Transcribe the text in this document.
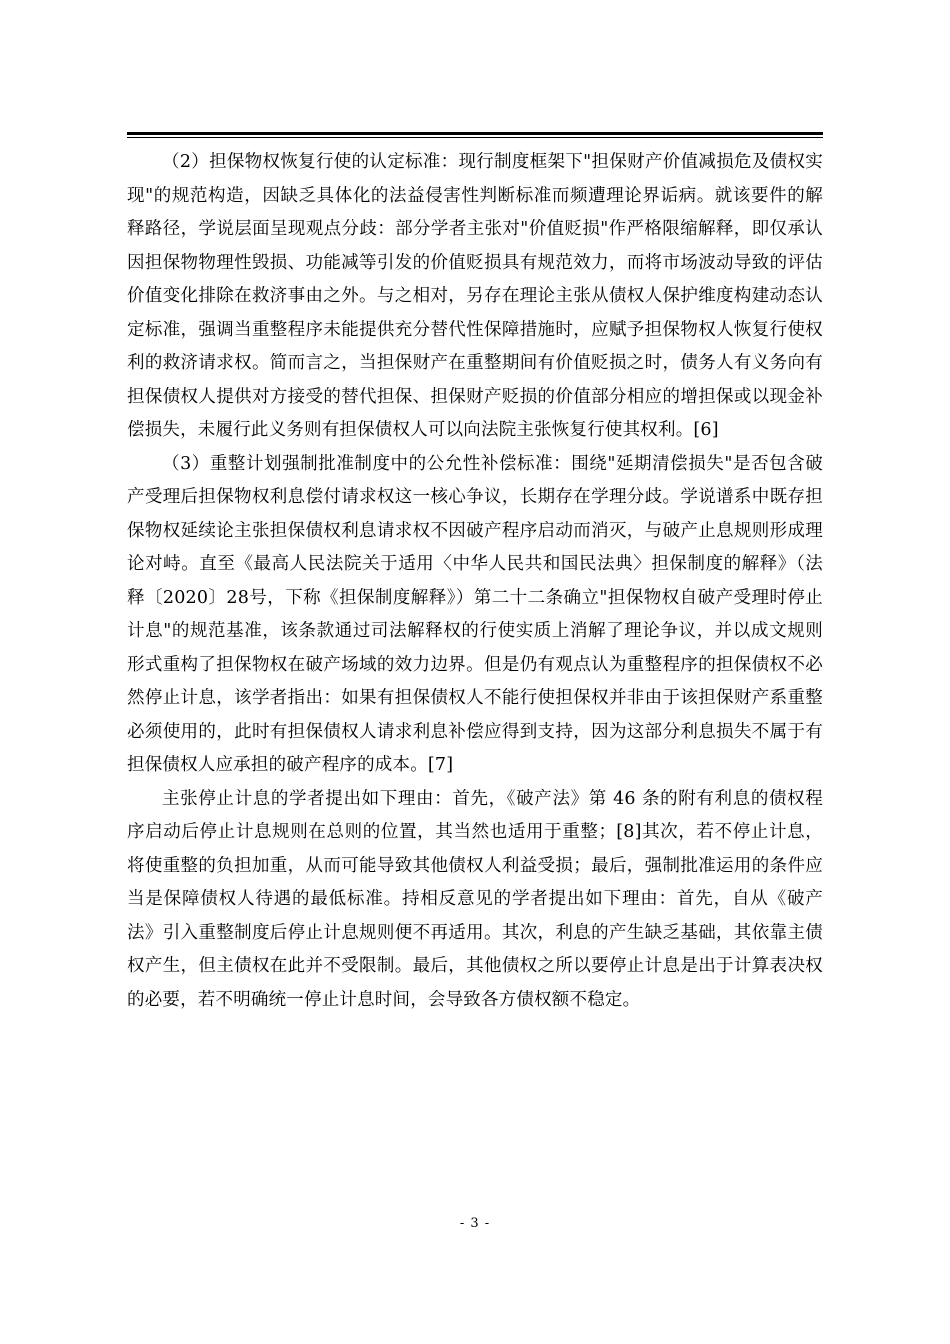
（2）担保物权恢复行使的认定标准：现行制度框架下"担保财产价值减损危及债权实现"的规范构造，因缺乏具体化的法益侵害性判断标准而频遭理论界诟病。就该要件的解释路径，学说层面呈现观点分歧：部分学者主张对"价值贬损"作严格限缩解释，即仅承认因担保物物理性毁损、功能减等引发的价值贬损具有规范效力，而将市场波动导致的评估价值变化排除在救济事由之外。与之相对，另存在理论主张从债权人保护维度构建动态认定标准，强调当重整程序未能提供充分替代性保障措施时，应赋予担保物权人恢复行使权利的救济请求权。简而言之，当担保财产在重整期间有价值贬损之时，债务人有义务向有担保债权人提供对方接受的替代担保、担保财产贬损的价值部分相应的增担保或以现金补偿损失，未履行此义务则有担保债权人可以向法院主张恢复行使其权利。[6]

（3）重整计划强制批准制度中的公允性补偿标准：围绕"延期清偿损失"是否包含破产受理后担保物权利息偿付请求权这一核心争议，长期存在学理分歧。学说谱系中既存担保物权延续论主张担保债权利息请求权不因破产程序启动而消灭，与破产止息规则形成理论对峙。直至《最高人民法院关于适用〈中华人民共和国民法典〉担保制度的解释》（法释〔2020〕28号，下称《担保制度解释》）第二十二条确立"担保物权自破产受理时停止计息"的规范基准，该条款通过司法解释权的行使实质上消解了理论争议，并以成文规则形式重构了担保物权在破产场域的效力边界。但是仍有观点认为重整程序的担保债权不必然停止计息，该学者指出：如果有担保债权人不能行使担保权并非由于该担保财产系重整必须使用的，此时有担保债权人请求利息补偿应得到支持，因为这部分利息损失不属于有担保债权人应承担的破产程序的成本。[7]

主张停止计息的学者提出如下理由：首先，《破产法》第 46 条的附有利息的债权程序启动后停止计息规则在总则的位置，其当然也适用于重整；[8]其次，若不停止计息，将使重整的负担加重，从而可能导致其他债权人利益受损；最后，强制批准运用的条件应当是保障债权人待遇的最低标准。持相反意见的学者提出如下理由：首先，自从《破产法》引入重整制度后停止计息规则便不再适用。其次，利息的产生缺乏基础，其依靠主债权产生，但主债权在此并不受限制。最后，其他债权之所以要停止计息是出于计算表决权的必要，若不明确统一停止计息时间，会导致各方债权额不稳定。

- 3 -
